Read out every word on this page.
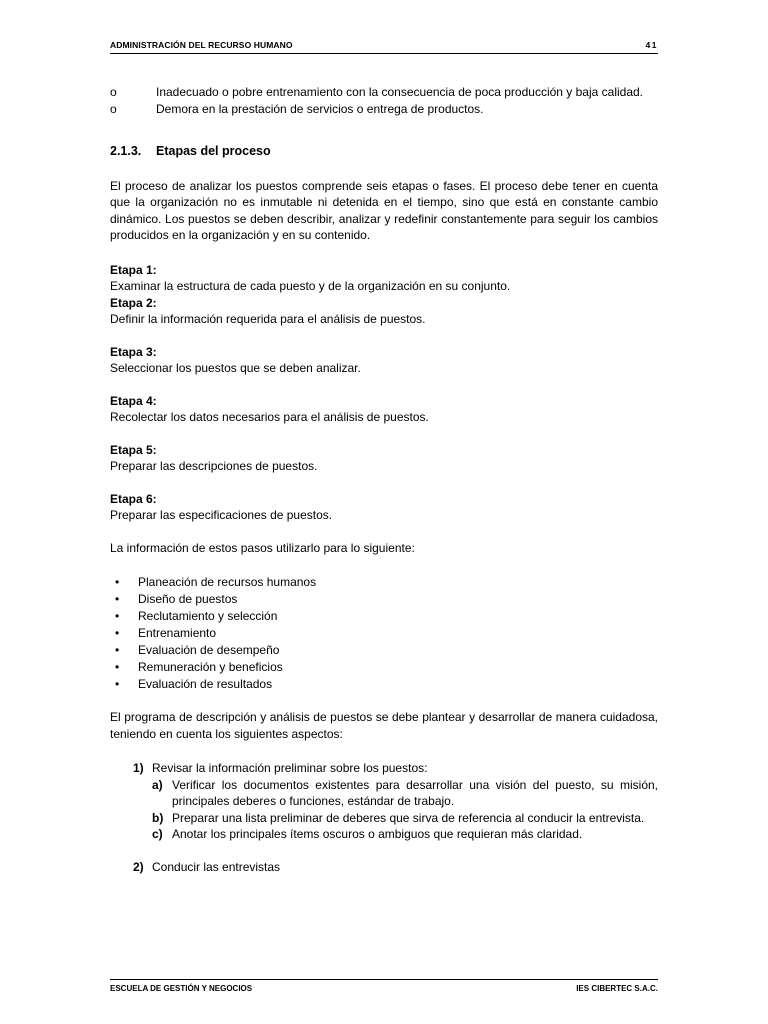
ADMINISTRACIÓN DEL RECURSO HUMANO	41

o	Inadecuado o pobre entrenamiento con la consecuencia de poca producción y baja calidad.

o	Demora en la prestación de servicios o entrega de productos.

2.1.3. Etapas del proceso

El proceso de analizar los puestos comprende seis etapas o fases. El proceso debe tener en cuenta que la organización no es inmutable ni detenida en el tiempo, sino que está en constante cambio dinámico. Los puestos se deben describir, analizar y redefinir constantemente para seguir los cambios producidos en la organización y en su contenido.

Etapa 1:

Examinar la estructura de cada puesto y de la organización en su conjunto.

Etapa 2:

Definir la información requerida para el análisis de puestos.

Etapa 3:

Seleccionar los puestos que se deben analizar.

Etapa 4:

Recolectar los datos necesarios para el análisis de puestos.

Etapa 5:

Preparar las descripciones de puestos.

Etapa 6:

Preparar las especificaciones de puestos.

La información de estos pasos utilizarlo para lo siguiente:

• Planeación de recursos humanos
• Diseño de puestos
• Reclutamiento y selección
• Entrenamiento
• Evaluación de desempeño
• Remuneración y beneficios
• Evaluación de resultados

El programa de descripción y análisis de puestos se debe plantear y desarrollar de manera cuidadosa, teniendo en cuenta los siguientes aspectos:

1) Revisar la información preliminar sobre los puestos:
a) Verificar los documentos existentes para desarrollar una visión del puesto, su misión, principales deberes o funciones, estándar de trabajo.
b) Preparar una lista preliminar de deberes que sirva de referencia al conducir la entrevista.
c) Anotar los principales ítems oscuros o ambiguos que requieran más claridad.
2) Conducir las entrevistas
ESCUELA DE GESTIÓN Y NEGOCIOS	IES CIBERTEC S.A.C.
